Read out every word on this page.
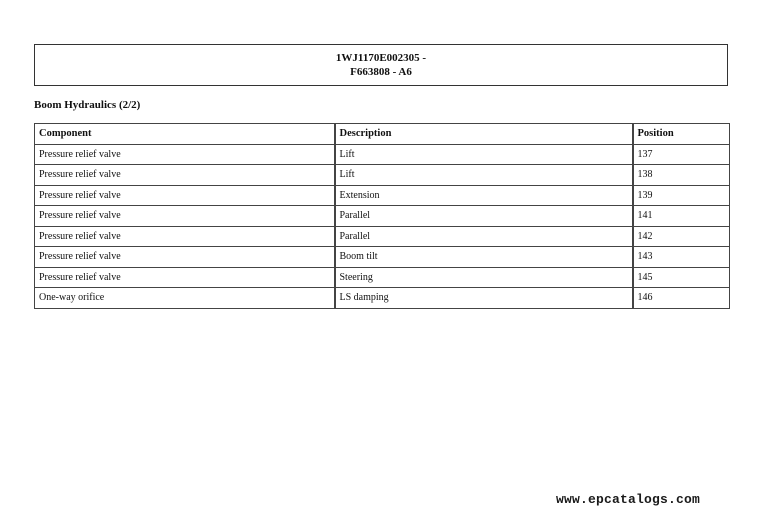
1WJ1170E002305 -
F663808 - A6
Boom Hydraulics (2/2)
Component	Description	Position
Pressure relief valve	Lift	137
Pressure relief valve	Lift	138
Pressure relief valve	Extension	139
Pressure relief valve	Parallel	141
Pressure relief valve	Parallel	142
Pressure relief valve	Boom tilt	143
Pressure relief valve	Steering	145
One-way orifice	LS damping	146
www.epcatalogs.com
